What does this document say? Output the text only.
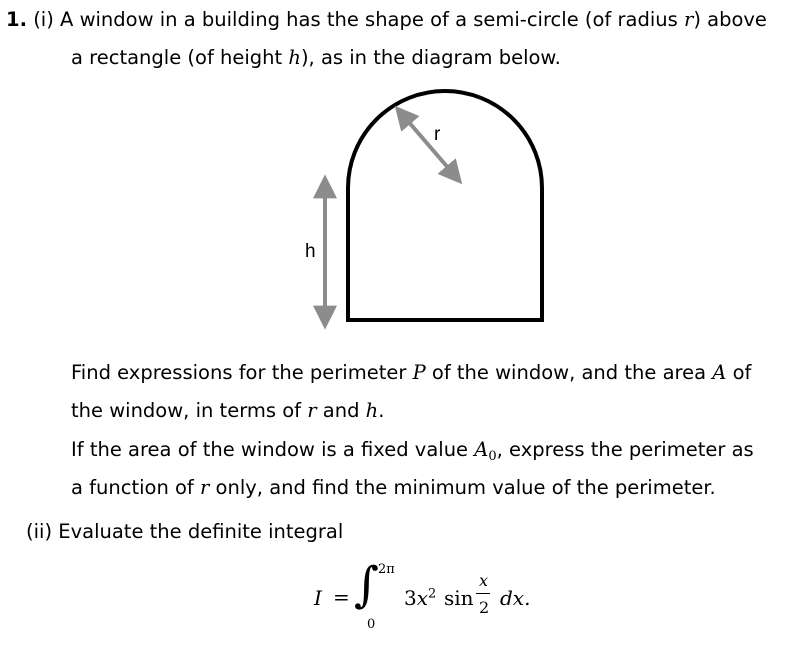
1. (i) A window in a building has the shape of a semi-circle (of radius r) above
a rectangle (of height h), as in the diagram below.
r
h
Find expressions for the perimeter P of the window, and the area A of
the window, in terms of r and h.
If the area of the window is a fixed value $A_0$, express the perimeter as
a function of r only, and find the minimum value of the perimeter.
(ii) Evaluate the definite integral
I = ∫
2π
0
$3x^2$ sin
x
2 dx.
